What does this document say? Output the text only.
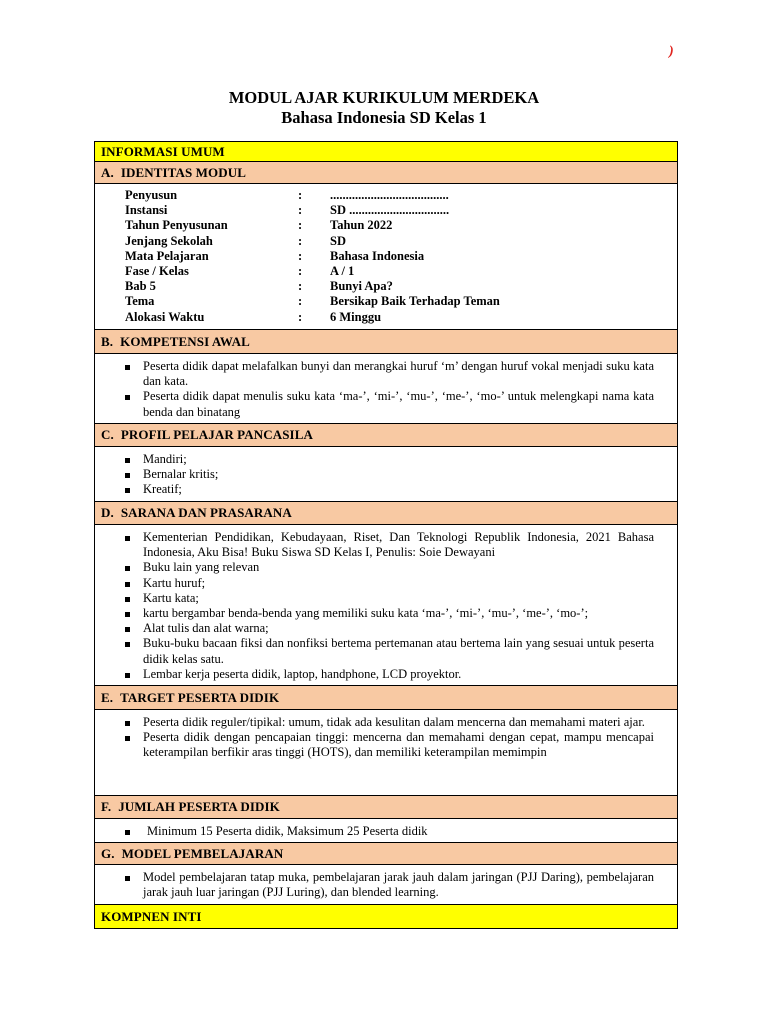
)
MODUL AJAR KURIKULUM MERDEKA
Bahasa Indonesia SD Kelas 1
INFORMASI UMUM
A. IDENTITAS MODUL
Penyusun	:	......................................
Instansi	:	SD ................................
Tahun Penyusunan	:	Tahun 2022
Jenjang Sekolah	:	SD
Mata Pelajaran	:	Bahasa Indonesia
Fase / Kelas	:	A / 1
Bab 5	:	Bunyi Apa?
Tema	:	Bersikap Baik Terhadap Teman
Alokasi Waktu	:	6 Minggu
B. KOMPETENSI AWAL
Peserta didik dapat melafalkan bunyi dan merangkai huruf ‘m’ dengan huruf vokal menjadi suku kata dan kata.
Peserta didik dapat menulis suku kata ‘ma-’, ‘mi-’, ‘mu-’, ‘me-’, ‘mo-’ untuk melengkapi nama kata benda dan binatang
C. PROFIL PELAJAR PANCASILA
Mandiri;
Bernalar kritis;
Kreatif;
D. SARANA DAN PRASARANA
Kementerian Pendidikan, Kebudayaan, Riset, Dan Teknologi Republik Indonesia, 2021 Bahasa Indonesia, Aku Bisa! Buku Siswa SD Kelas I, Penulis: Soie Dewayani
Buku lain yang relevan
Kartu huruf;
Kartu kata;
kartu bergambar benda-benda yang memiliki suku kata ‘ma-’, ‘mi-’, ‘mu-’, ‘me-’, ‘mo-’;
Alat tulis dan alat warna;
Buku-buku bacaan fiksi dan nonfiksi bertema pertemanan atau bertema lain yang sesuai untuk peserta didik kelas satu.
Lembar kerja peserta didik, laptop, handphone, LCD proyektor.
E. TARGET PESERTA DIDIK
Peserta didik reguler/tipikal: umum, tidak ada kesulitan dalam mencerna dan memahami materi ajar.
Peserta didik dengan pencapaian tinggi: mencerna dan memahami dengan cepat, mampu mencapai keterampilan berfikir aras tinggi (HOTS), dan memiliki keterampilan memimpin
F. JUMLAH PESERTA DIDIK
Minimum 15 Peserta didik, Maksimum 25 Peserta didik
G. MODEL PEMBELAJARAN
Model pembelajaran tatap muka, pembelajaran jarak jauh dalam jaringan (PJJ Daring), pembelajaran jarak jauh luar jaringan (PJJ Luring), dan blended learning.
KOMPNEN INTI
